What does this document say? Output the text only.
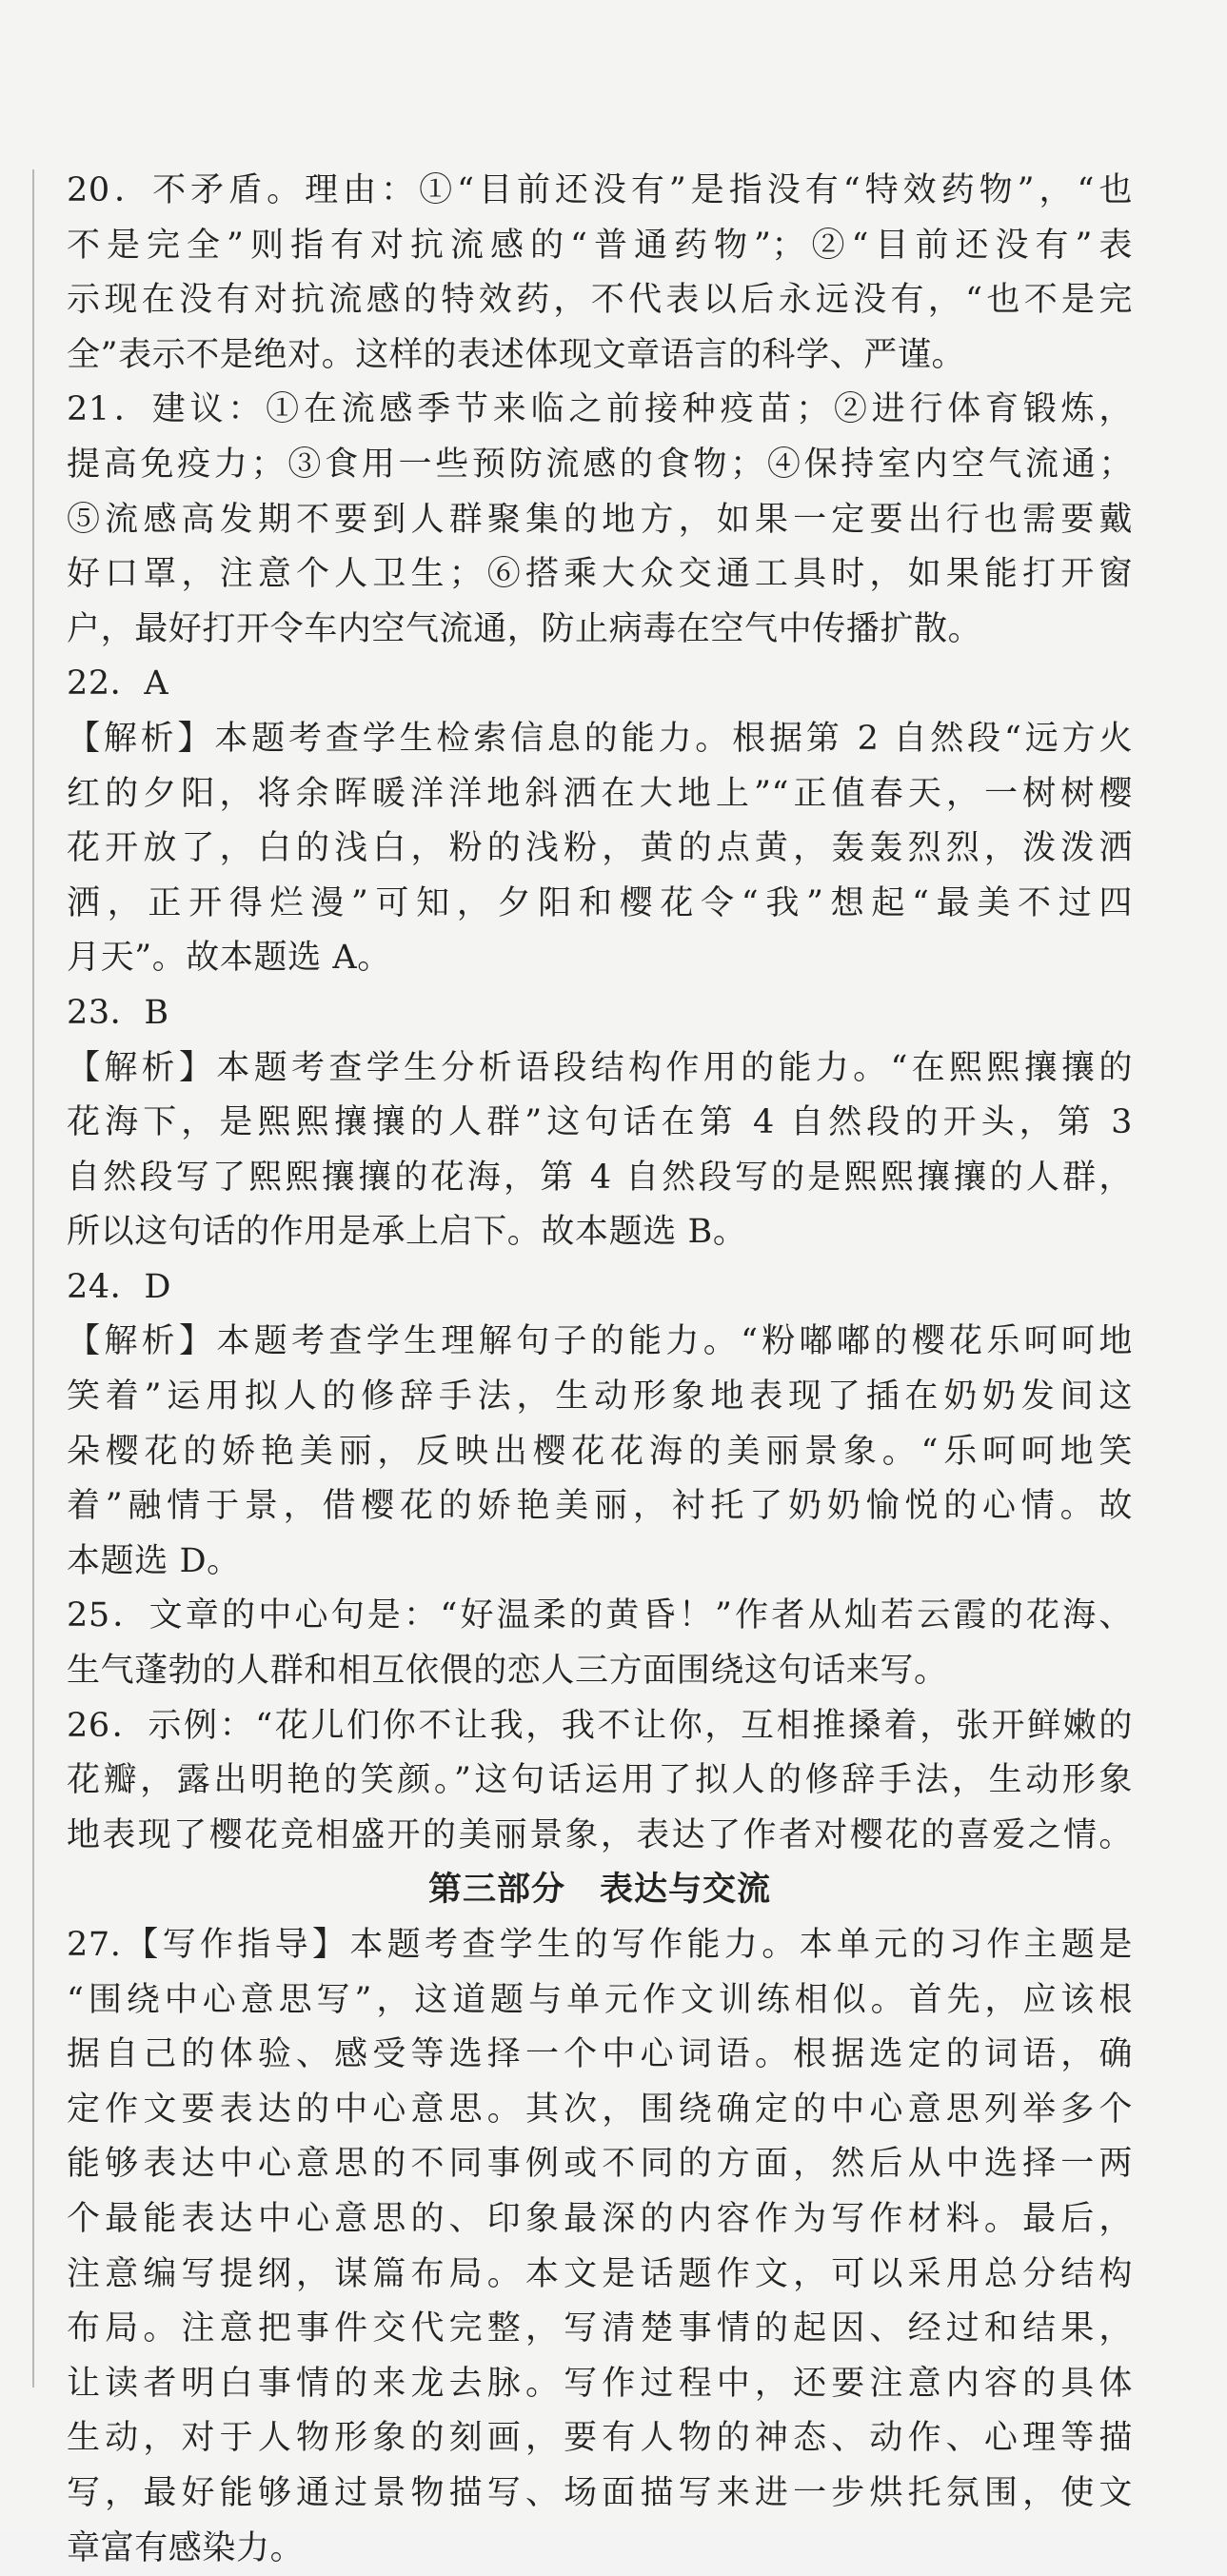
20．不矛盾。理由：①“目前还没有”是指没有“特效药物”，“也
不是完全”则指有对抗流感的“普通药物”；②“目前还没有”表
示现在没有对抗流感的特效药，不代表以后永远没有，“也不是完
全”表示不是绝对。这样的表述体现文章语言的科学、严谨。
21．建议：①在流感季节来临之前接种疫苗；②进行体育锻炼，
提高免疫力；③食用一些预防流感的食物；④保持室内空气流通；
⑤流感高发期不要到人群聚集的地方，如果一定要出行也需要戴
好口罩，注意个人卫生；⑥搭乘大众交通工具时，如果能打开窗
户，最好打开令车内空气流通，防止病毒在空气中传播扩散。
22．A
【解析】本题考查学生检索信息的能力。根据第 2 自然段“远方火
红的夕阳，将余晖暖洋洋地斜洒在大地上”“正值春天，一树树樱
花开放了，白的浅白，粉的浅粉，黄的点黄，轰轰烈烈，泼泼洒
洒，正开得烂漫”可知，夕阳和樱花令“我”想起“最美不过四
月天”。故本题选 A。
23．B
【解析】本题考查学生分析语段结构作用的能力。“在熙熙攘攘的
花海下，是熙熙攘攘的人群”这句话在第 4 自然段的开头，第 3
自然段写了熙熙攘攘的花海，第 4 自然段写的是熙熙攘攘的人群，
所以这句话的作用是承上启下。故本题选 B。
24．D
【解析】本题考查学生理解句子的能力。“粉嘟嘟的樱花乐呵呵地
笑着”运用拟人的修辞手法，生动形象地表现了插在奶奶发间这
朵樱花的娇艳美丽，反映出樱花花海的美丽景象。“乐呵呵地笑
着”融情于景，借樱花的娇艳美丽，衬托了奶奶愉悦的心情。故
本题选 D。
25．文章的中心句是：“好温柔的黄昏！”作者从灿若云霞的花海、
生气蓬勃的人群和相互依偎的恋人三方面围绕这句话来写。
26．示例：“花儿们你不让我，我不让你，互相推搡着，张开鲜嫩的
花瓣，露出明艳的笑颜。”这句话运用了拟人的修辞手法，生动形象
地表现了樱花竞相盛开的美丽景象，表达了作者对樱花的喜爱之情。
第三部分　表达与交流
27.【写作指导】本题考查学生的写作能力。本单元的习作主题是
“围绕中心意思写”，这道题与单元作文训练相似。首先，应该根
据自己的体验、感受等选择一个中心词语。根据选定的词语，确
定作文要表达的中心意思。其次，围绕确定的中心意思列举多个
能够表达中心意思的不同事例或不同的方面，然后从中选择一两
个最能表达中心意思的、印象最深的内容作为写作材料。最后，
注意编写提纲，谋篇布局。本文是话题作文，可以采用总分结构
布局。注意把事件交代完整，写清楚事情的起因、经过和结果，
让读者明白事情的来龙去脉。写作过程中，还要注意内容的具体
生动，对于人物形象的刻画，要有人物的神态、动作、心理等描
写，最好能够通过景物描写、场面描写来进一步烘托氛围，使文
章富有感染力。
